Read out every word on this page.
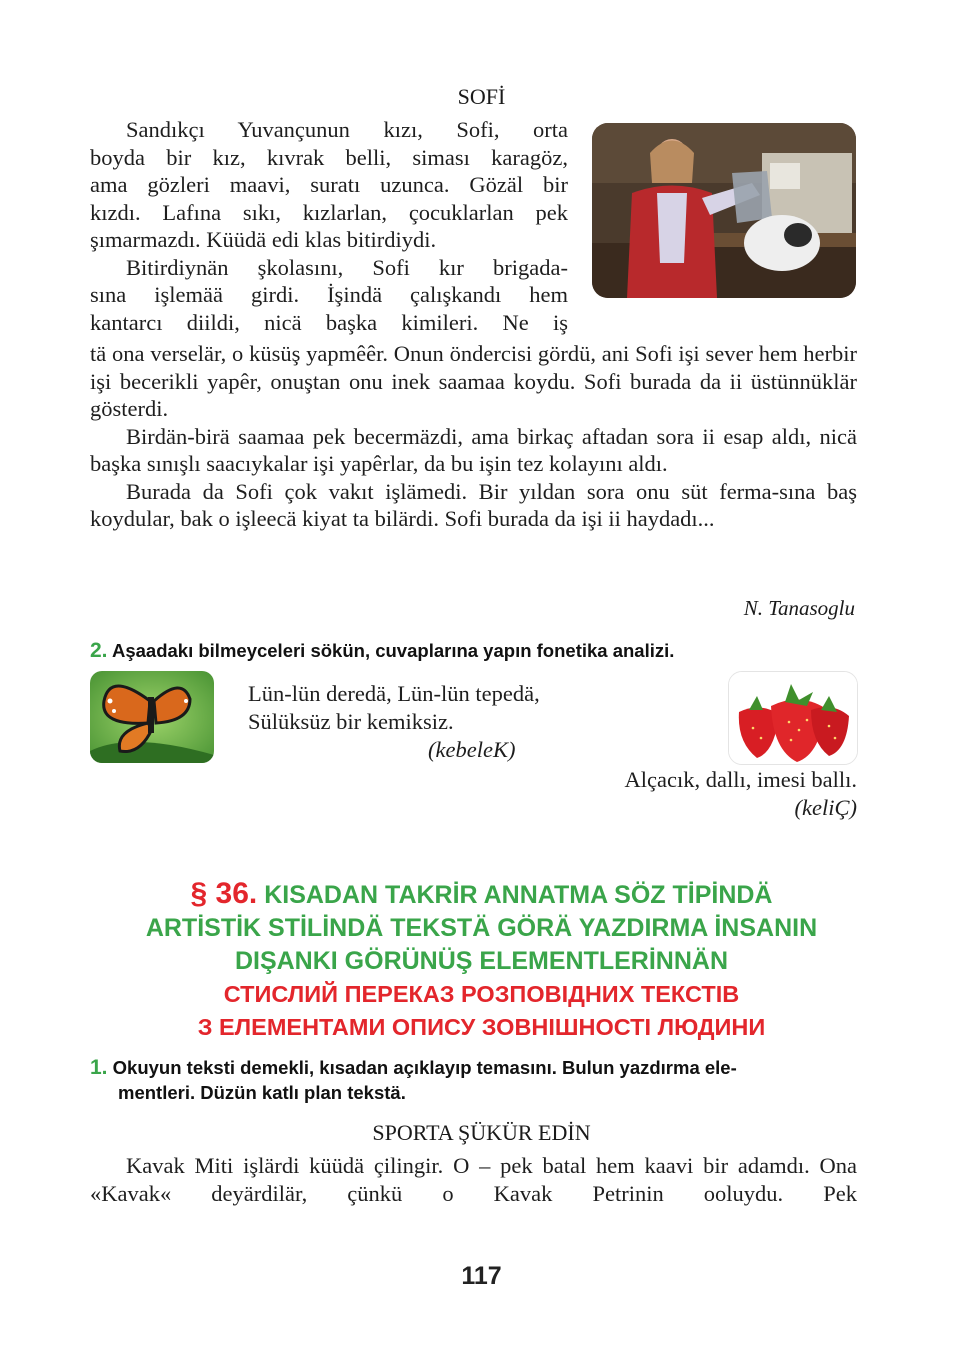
SOFİ
Sandıkçı Yuvançunun kızı, Sofi, orta
boyda bir kız, kıvrak belli, siması karagöz,
ama gözleri maavi, suratı uzunca. Gözäl bir
kızdı. Lafına sıkı, kızlarlan, çocuklarlan pek
şımarmazdı. Küüdä edi klas bitirdiydi.
Bitirdiynän şkolasını, Sofi kır brigada-
sına işlemää girdi. İşindä çalışkandı hem
kantarcı diildi, nicä başka kimileri. Ne iş

tä ona verselär, o küsüş yapmêêr. Onun öndercisi gördü, ani Sofi işi sever hem herbir işi becerikli yapêr, onuştan onu inek saamaa koydu. Sofi burada da ii üstünnüklär gösterdi.

Birdän-birä saamaa pek becermäzdi, ama birkaç aftadan sora ii esap aldı, nicä başka sınışlı saacıykalar işi yapêrlar, da bu işin tez kolayını aldı.

Burada da Sofi çok vakıt işlämedi. Bir yıldan sora onu süt ferma-sına baş koydular, bak o işleecä kiyat ta bilärdi. Sofi burada da işi ii haydadı...

N. Tanasoglu
2. Aşaadakı bilmeyceleri sökün, cuvaplarına yapın fonetika analizi.
Lün-lün deredä, Lün-lün tepedä,
Sülüksüz bir kemiksiz.
(kebeleK)
Alçacık, dallı, imesi ballı.
(keliÇ)
§ 36. KISADAN TAKRİR ANNATMA SÖZ TİPİNDÄ
ARTİSTİK STİLİNDÄ TEKSTÄ GÖRÄ YAZDIRMA İNSANIN
DIŞANKI GÖRÜNÜŞ ELEMENTLERİNNÄN
СТИСЛИЙ ПЕРЕКАЗ РОЗПОВІДНИХ ТЕКСТІВ
З ЕЛЕМЕНТАМИ ОПИСУ ЗОВНІШНОСТІ ЛЮДИНИ
1. Okuyun teksti demekli, kısadan açıklayıp temasını. Bulun yazdırma ele-
mentleri. Düzün katlı plan tekstä.
SPORTA ŞÜKÜR EDİN

Kavak Miti işlärdi küüdä çilingir. O – pek batal hem kaavi bir adamdı. Ona «Kavak« deyärdilär, çünkü o Kavak Petrinin ooluydu. Pek

117
